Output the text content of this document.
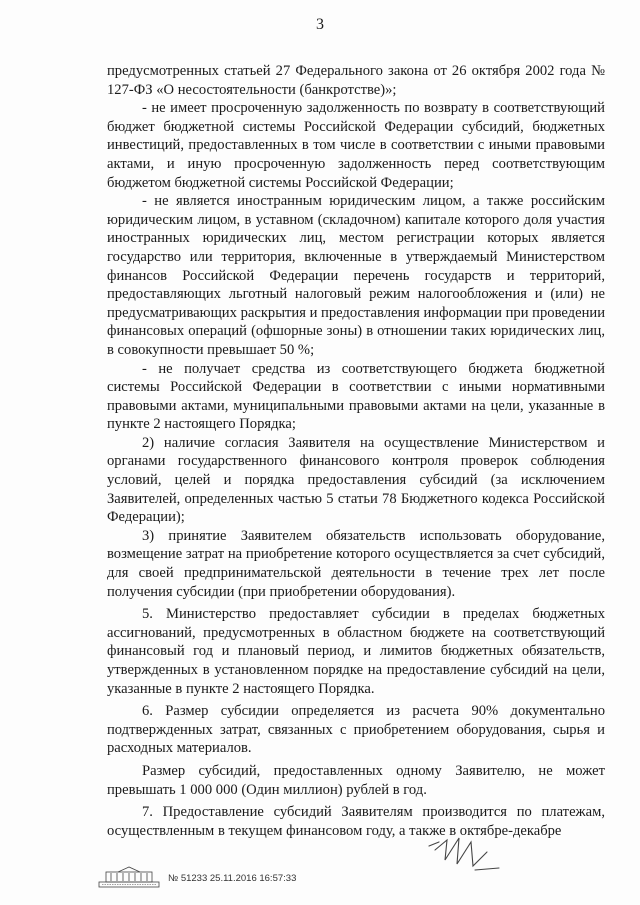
3

предусмотренных статьей 27 Федерального закона от 26 октября 2002 года № 127-ФЗ «О несостоятельности (банкротстве)»;

- не имеет просроченную задолженность по возврату в соответствующий бюджет бюджетной системы Российской Федерации субсидий, бюджетных инвестиций, предоставленных в том числе в соответствии с иными правовыми актами, и иную просроченную задолженность перед соответствующим бюджетом бюджетной системы Российской Федерации;

- не является иностранным юридическим лицом, а также российским юридическим лицом, в уставном (складочном) капитале которого доля участия иностранных юридических лиц, местом регистрации которых является государство или территория, включенные в утверждаемый Министерством финансов Российской Федерации перечень государств и территорий, предоставляющих льготный налоговый режим налогообложения и (или) не предусматривающих раскрытия и предоставления информации при проведении финансовых операций (офшорные зоны) в отношении таких юридических лиц, в совокупности превышает 50 %;

- не получает средства из соответствующего бюджета бюджетной системы Российской Федерации в соответствии с иными нормативными правовыми актами, муниципальными правовыми актами на цели, указанные в пункте 2 настоящего Порядка;

2) наличие согласия Заявителя на осуществление Министерством и органами государственного финансового контроля проверок соблюдения условий, целей и порядка предоставления субсидий (за исключением Заявителей, определенных частью 5 статьи 78 Бюджетного кодекса Российской Федерации);

3) принятие Заявителем обязательств использовать оборудование, возмещение затрат на приобретение которого осуществляется за счет субсидий, для своей предпринимательской деятельности в течение трех лет после получения субсидии (при приобретении оборудования).

5. Министерство предоставляет субсидии в пределах бюджетных ассигнований, предусмотренных в областном бюджете на соответствующий финансовый год и плановый период, и лимитов бюджетных обязательств, утвержденных в установленном порядке на предоставление субсидий на цели, указанные в пункте 2 настоящего Порядка.

6. Размер субсидии определяется из расчета 90% документально подтвержденных затрат, связанных с приобретением оборудования, сырья и расходных материалов.

Размер субсидий, предоставленных одному Заявителю, не может превышать 1 000 000 (Один миллион) рублей в год.

7. Предоставление субсидий Заявителям производится по платежам, осуществленным в текущем финансовом году, а также в октябре-декабре

№ 51233 25.11.2016 16:57:33
